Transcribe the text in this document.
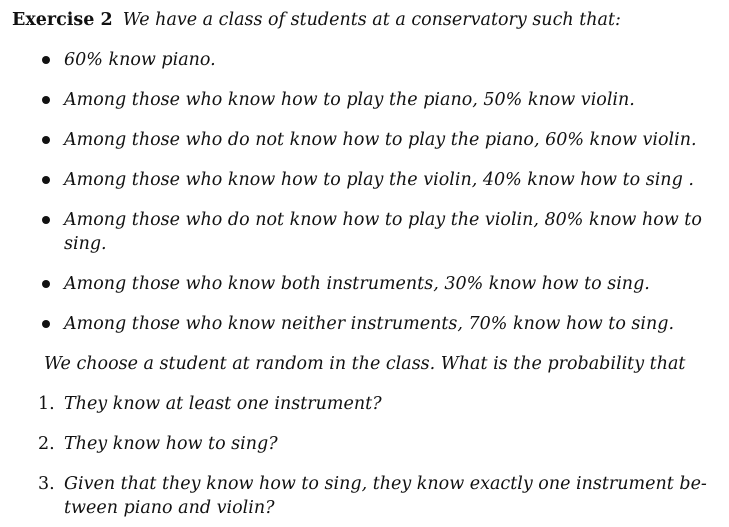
Exercise 2 We have a class of students at a conservatory such that:
60% know piano.
Among those who know how to play the piano, 50% know violin.
Among those who do not know how to play the piano, 60% know violin.
Among those who know how to play the violin, 40% know how to sing .
Among those who do not know how to play the violin, 80% know how to
sing.
Among those who know both instruments, 30% know how to sing.
Among those who know neither instruments, 70% know how to sing.
We choose a student at random in the class. What is the probability that
1. They know at least one instrument?
2. They know how to sing?
3. Given that they know how to sing, they know exactly one instrument be-
tween piano and violin?
